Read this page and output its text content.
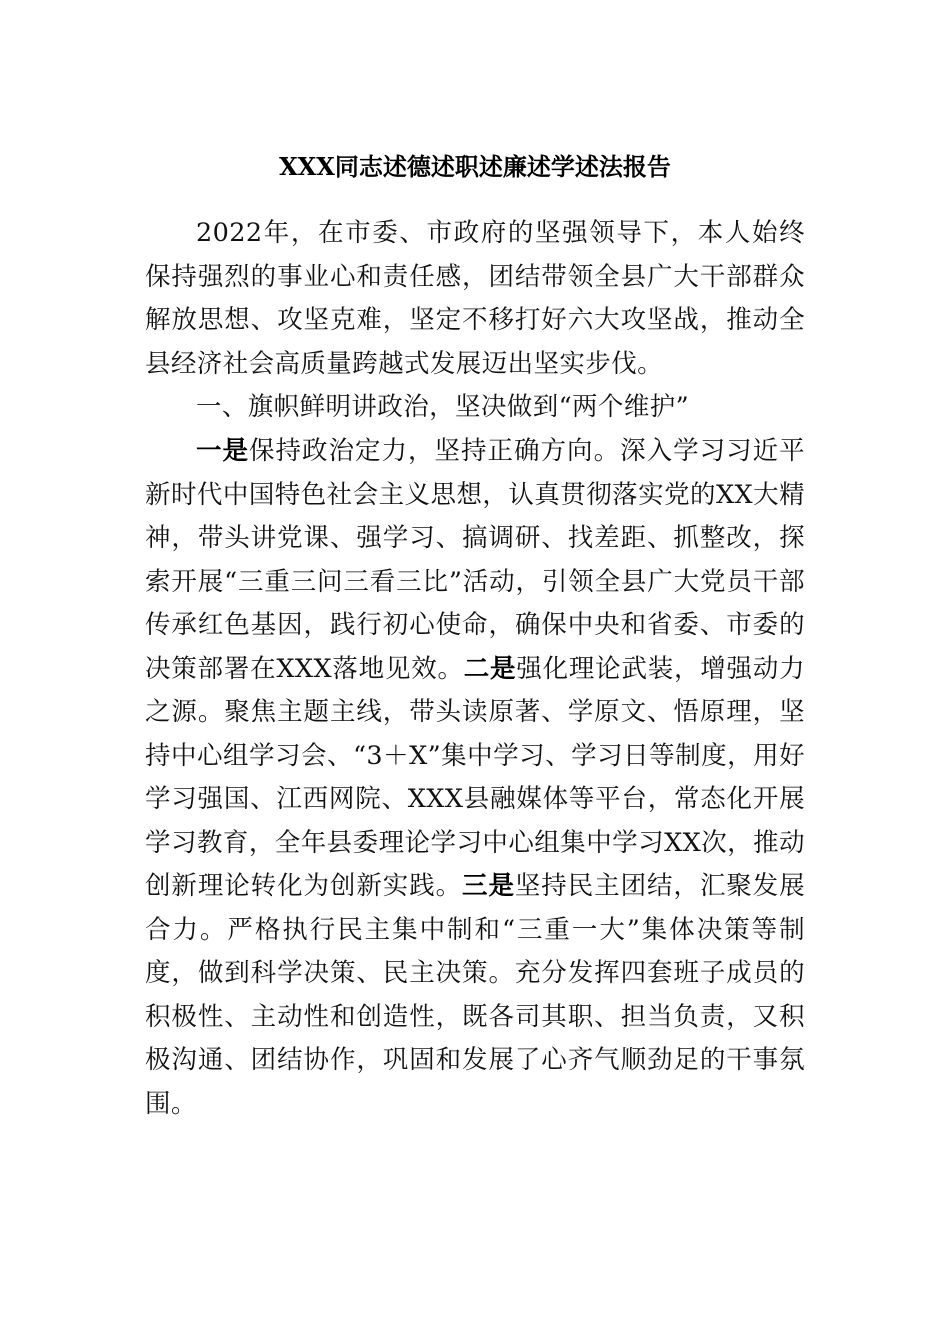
XXX同志述德述职述廉述学述法报告

2022年，在市委、市政府的坚强领导下，本人始终保持强烈的事业心和责任感，团结带领全县广大干部群众解放思想、攻坚克难，坚定不移打好六大攻坚战，推动全县经济社会高质量跨越式发展迈出坚实步伐。

一、旗帜鲜明讲政治，坚决做到“两个维护”

一是保持政治定力，坚持正确方向。深入学习习近平新时代中国特色社会主义思想，认真贯彻落实党的XX大精神，带头讲党课、强学习、搞调研、找差距、抓整改，探索开展“三重三问三看三比”活动，引领全县广大党员干部传承红色基因，践行初心使命，确保中央和省委、市委的决策部署在XXX落地见效。二是强化理论武装，增强动力之源。聚焦主题主线，带头读原著、学原文、悟原理，坚持中心组学习会、“3＋X”集中学习、学习日等制度，用好学习强国、江西网院、XXX县融媒体等平台，常态化开展学习教育，全年县委理论学习中心组集中学习XX次，推动创新理论转化为创新实践。三是坚持民主团结，汇聚发展合力。严格执行民主集中制和“三重一大”集体决策等制度，做到科学决策、民主决策。充分发挥四套班子成员的积极性、主动性和创造性，既各司其职、担当负责，又积极沟通、团结协作，巩固和发展了心齐气顺劲足的干事氛围。
